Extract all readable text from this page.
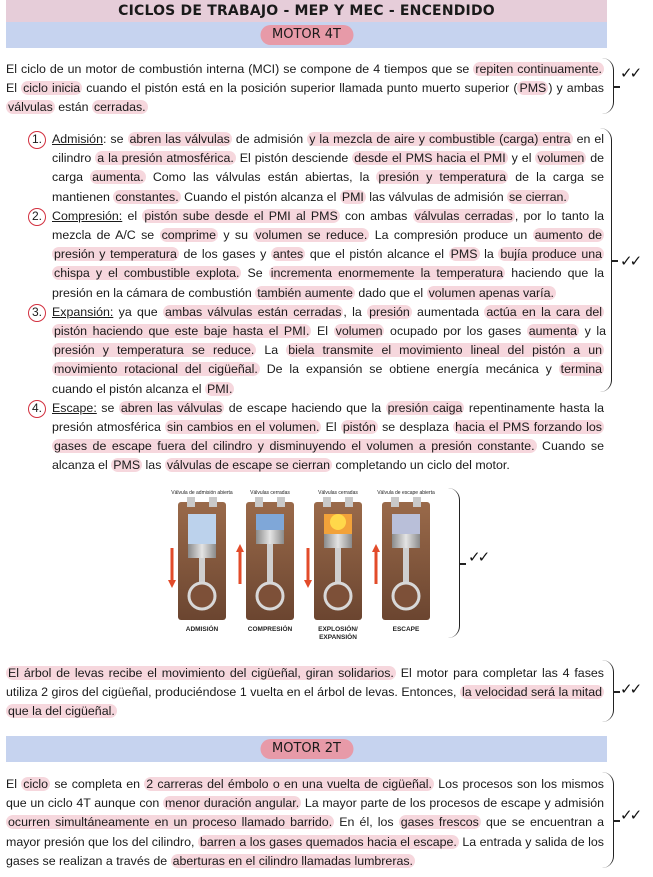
CICLOS DE TRABAJO - MEP Y MEC - ENCENDIDO
MOTOR 4T
El ciclo de un motor de combustión interna (MCI) se compone de 4 tiempos que se repiten continuamente. El ciclo inicia cuando el pistón está en la posición superior llamada punto muerto superior ( PMS ) y ambas válvulas están cerradas.
✓✓
1. Admisión: se abren las válvulas de admisión y la mezcla de aire y combustible (carga) entra en el cilindro a la presión atmosférica. El pistón desciende desde el PMS hacia el PMI y el volumen de carga aumenta. Como las válvulas están abiertas, la presión y temperatura de la carga se mantienen constantes. Cuando el pistón alcanza el PMI las válvulas de admisión se cierran.
2. Compresión: el pistón sube desde el PMI al PMS con ambas válvulas cerradas , por lo tanto la mezcla de A/C se comprime y su volumen se reduce. La compresión produce un aumento de presión y temperatura de los gases y antes que el pistón alcance el PMS la bujía produce una chispa y el combustible explota. Se incrementa enormemente la temperatura haciendo que la presión en la cámara de combustión también aumente dado que el volumen apenas varía.
3. Expansión: ya que ambas válvulas están cerradas , la presión aumentada actúa en la cara del pistón haciendo que este baje hasta el PMI. El volumen ocupado por los gases aumenta y la presión y temperatura se reduce. La biela transmite el movimiento lineal del pistón a un movimiento rotacional del cigüeñal. De la expansión se obtiene energía mecánica y termina cuando el pistón alcanza el PMI.
4. Escape: se abren las válvulas de escape haciendo que la presión caiga repentinamente hasta la presión atmosférica sin cambios en el volumen. El pistón se desplaza hacia el PMS forzando los gases de escape fuera del cilindro y disminuyendo el volumen a presión constante. Cuando se alcanza el PMS las válvulas de escape se cierran completando un ciclo del motor.
✓✓
Válvula de admisión abierta	Válvulas cerradas	Válvulas cerradas	Válvula de escape abierta
ADMISIÓN	COMPRESIÓN	EXPLOSIÓN/
EXPANSIÓN
ESCAPE
✓✓
El árbol de levas recibe el movimiento del cigüeñal, giran solidarios. El motor para completar las 4 fases utiliza 2 giros del cigüeñal, produciéndose 1 vuelta en el árbol de levas. Entonces, la velocidad será la mitad que la del cigüeñal.
✓✓
MOTOR 2T
El ciclo se completa en 2 carreras del émbolo o en una vuelta de cigüeñal. Los procesos son los mismos que un ciclo 4T aunque con menor duración angular. La mayor parte de los procesos de escape y admisión ocurren simultáneamente en un proceso llamado barrido. En él, los gases frescos que se encuentran a mayor presión que los del cilindro, barren a los gases quemados hacia el escape. La entrada y salida de los gases se realizan a través de aberturas en el cilindro llamadas lumbreras.
✓✓
